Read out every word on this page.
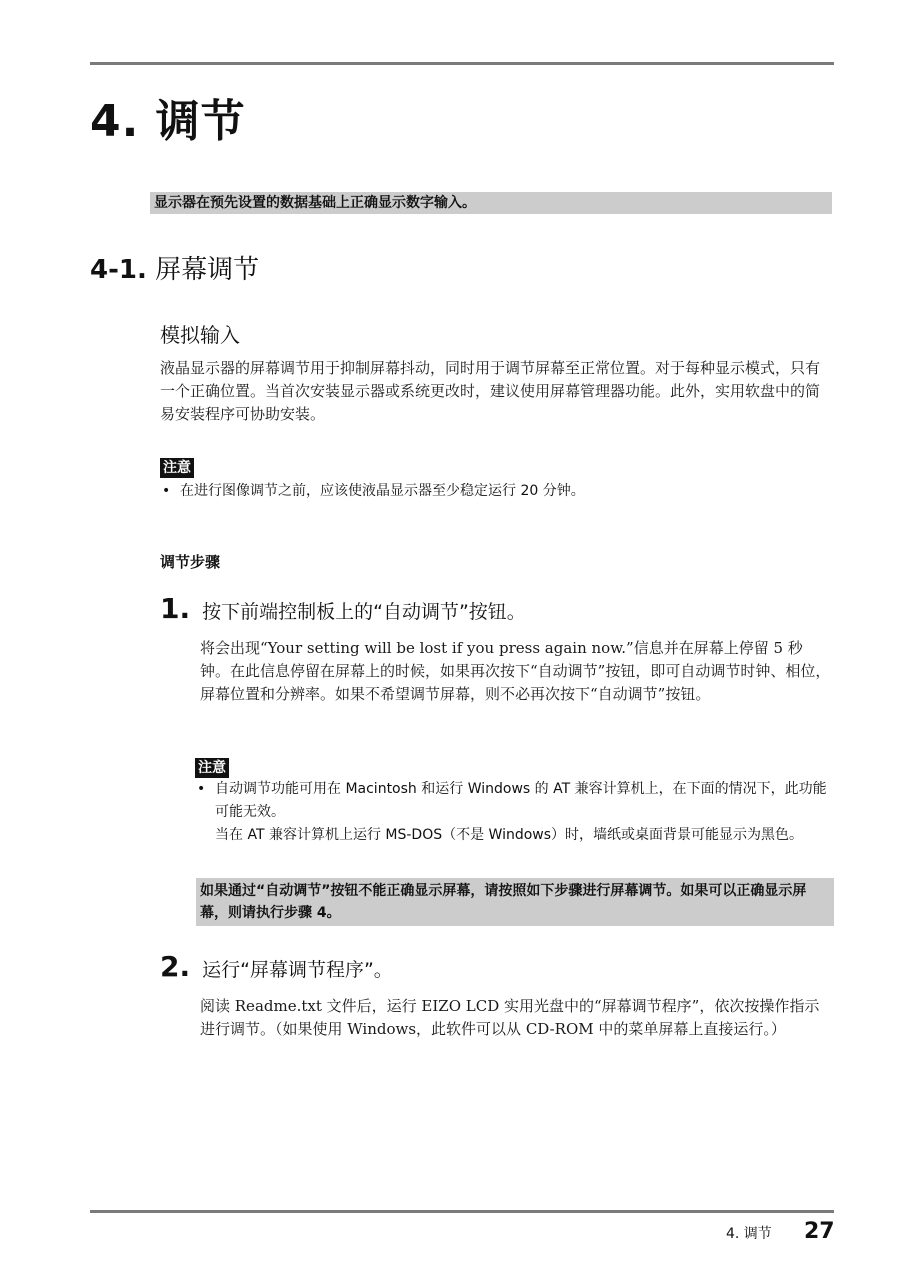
4. 调节
显示器在预先设置的数据基础上正确显示数字输入。
4-1. 屏幕调节
模拟输入

液晶显示器的屏幕调节用于抑制屏幕抖动，同时用于调节屏幕至正常位置。对于每种显示模式，只有一个正确位置。当首次安装显示器或系统更改时，建议使用屏幕管理器功能。此外，实用软盘中的简易安装程序可协助安装。

注意
• 在进行图像调节之前，应该使液晶显示器至少稳定运行 20 分钟。
调节步骤
1. 按下前端控制板上的“自动调节”按钮。

将会出现“Your setting will be lost if you press again now.”信息并在屏幕上停留 5 秒钟。在此信息停留在屏幕上的时候，如果再次按下“自动调节”按钮，即可自动调节时钟、相位，屏幕位置和分辨率。如果不希望调节屏幕，则不必再次按下“自动调节”按钮。

注意
• 自动调节功能可用在 Macintosh 和运行 Windows 的 AT 兼容计算机上，在下面的情况下，此功能可能无效。
当在 AT 兼容计算机上运行 MS-DOS（不是 Windows）时，墙纸或桌面背景可能显示为黑色。
如果通过“自动调节”按钮不能正确显示屏幕，请按照如下步骤进行屏幕调节。如果可以正确显示屏幕，则请执行步骤 4。
2. 运行“屏幕调节程序”。

阅读 Readme.txt 文件后，运行 EIZO LCD 实用光盘中的“屏幕调节程序”，依次按操作指示进行调节。（如果使用 Windows，此软件可以从 CD-ROM 中的菜单屏幕上直接运行。）

4. 调节 27
